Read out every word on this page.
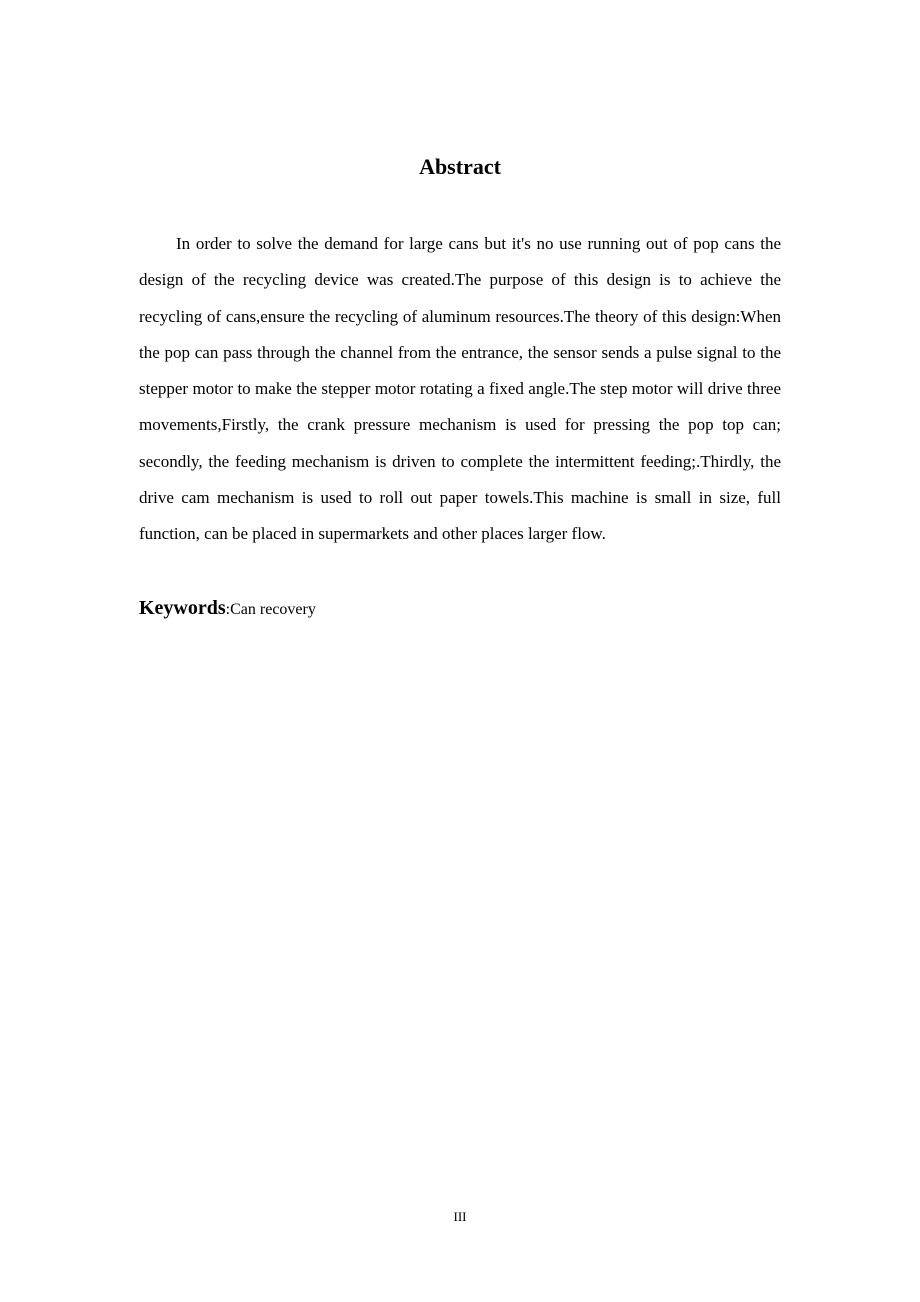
Abstract

In order to solve the demand for large cans but it's no use running out of pop cans the design of the recycling device was created.The purpose of this design is to achieve the recycling of cans,ensure the recycling of aluminum resources.The theory of this design:When the pop can pass through the channel from the entrance, the sensor sends a pulse signal to the stepper motor to make the stepper motor rotating a fixed angle.The step motor will drive three movements,Firstly, the crank pressure mechanism is used for pressing the pop top can; secondly, the feeding mechanism is driven to complete the intermittent feeding;.Thirdly, the drive cam mechanism is used to roll out paper towels.This machine is small in size, full function, can be placed in supermarkets and other places larger flow.

Keywords:Can recovery

III
